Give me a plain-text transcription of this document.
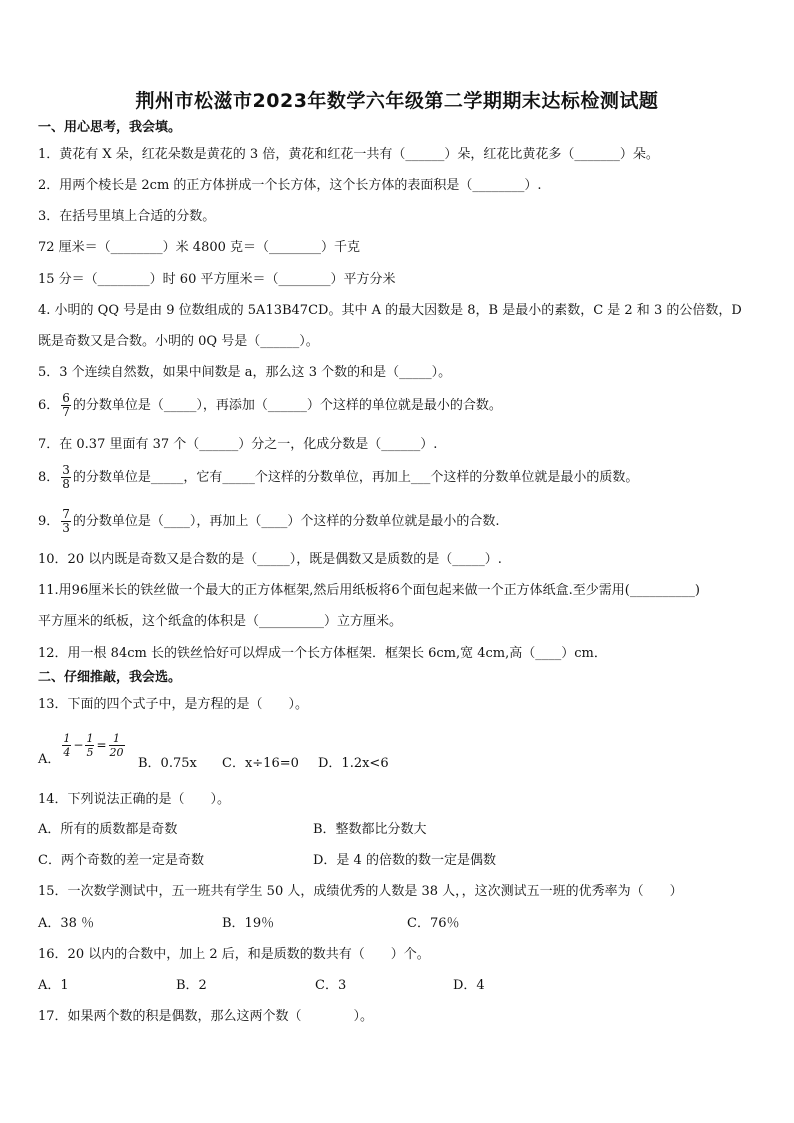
荆州市松滋市2023年数学六年级第二学期期末达标检测试题
一、用心思考，我会填。
1．黄花有 X 朵，红花朵数是黄花的 3 倍，黄花和红花一共有（______）朵，红花比黄花多（_______）朵。
2．用两个棱长是 2cm 的正方体拼成一个长方体，这个长方体的表面积是（________）.
3．在括号里填上合适的分数。
72 厘米＝（________）米 4800 克＝（________）千克
15 分＝（________）时 60 平方厘米＝（________）平方分米
4. 小明的 QQ 号是由 9 位数组成的 5A13B47CD。其中 A 的最大因数是 8，B 是最小的素数，C 是 2 和 3 的公倍数，D
既是奇数又是合数。小明的 0Q 号是（______）。
5．3 个连续自然数，如果中间数是 a，那么这 3 个数的和是（_____）。
6． $\frac{6}{7}$ 的分数单位是（_____），再添加（______）个这样的单位就是最小的合数。
7．在 0.37 里面有 37 个（______）分之一，化成分数是（______）.
8． $\frac{3}{8}$ 的分数单位是_____，它有_____个这样的分数单位，再加上___个这样的分数单位就是最小的质数。
9． $\frac{7}{3}$ 的分数单位是（____），再加上（____）个这样的分数单位就是最小的合数.
10．20 以内既是奇数又是合数的是（_____），既是偶数又是质数的是（_____）.
11.用96厘米长的铁丝做一个最大的正方体框架,然后用纸板将6个面包起来做一个正方体纸盒.至少需用(__________)
平方厘米的纸板，这个纸盒的体积是（__________）立方厘米。
12．用一根 84cm 长的铁丝恰好可以焊成一个长方体框架．框架长 6cm,宽 4cm,高（____）cm．
二、仔细推敲，我会选。
13．下面的四个式子中，是方程的是（　　）。
A．
$\frac{1}{4} - \frac{1}{5} = \frac{1}{20}$
B．0.75x C．x÷16=0 D．1.2x<6
14．下列说法正确的是（　　）。
A．所有的质数都是奇数	B．整数都比分数大
C．两个奇数的差一定是奇数	D．是 4 的倍数的数一定是偶数
15．一次数学测试中，五一班共有学生 50 人，成绩优秀的人数是 38 人，，这次测试五一班的优秀率为（　　）
A．38 ％	B．19％	C．76％
16．20 以内的合数中，加上 2 后，和是质数的数共有（　　）个。
A．1	B．2	C．3	D．4
17．如果两个数的积是偶数，那么这两个数（　　　　）。
